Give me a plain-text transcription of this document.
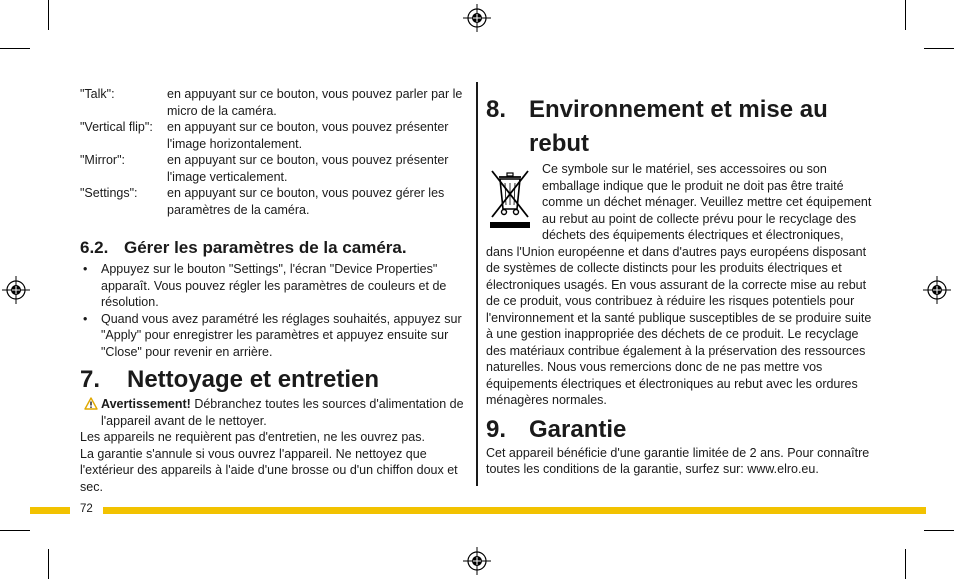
"Talk":	en appuyant sur ce bouton, vous pouvez parler par le micro de la caméra.
"Vertical flip":	en appuyant sur ce bouton, vous pouvez présenter l'image horizontalement.
"Mirror":	en appuyant sur ce bouton, vous pouvez présenter l'image verticalement.
"Settings":	en appuyant sur ce bouton, vous pouvez gérer les paramètres de la caméra.
6.2. Gérer les paramètres de la caméra.
• Appuyez sur le bouton "Settings", l'écran "Device Properties" apparaît. Vous pouvez régler les paramètres de couleurs et de résolution.
• Quand vous avez paramétré les réglages souhaités, appuyez sur "Apply" pour enregistrer les paramètres et appuyez ensuite sur "Close" pour revenir en arrière.
7. Nettoyage et entretien
Avertissement! Débranchez toutes les sources d'alimentation de l'appareil avant de le nettoyer.

Les appareils ne requièrent pas d'entretien, ne les ouvrez pas.

La garantie s'annule si vous ouvrez l'appareil. Ne nettoyez que l'extérieur des appareils à l'aide d'une brosse ou d'un chiffon doux et sec.

8. Environnement et mise au
rebut

Ce symbole sur le matériel, ses accessoires ou son emballage indique que le produit ne doit pas être traité comme un déchet ménager. Veuillez mettre cet équipement au rebut au point de collecte prévu pour le recyclage des déchets des équipements électriques et électroniques, dans l'Union européenne et dans d'autres pays européens disposant de systèmes de collecte distincts pour les produits électriques et électroniques usagés. En vous assurant de la correcte mise au rebut de ce produit, vous contribuez à réduire les risques potentiels pour l'environnement et la santé publique susceptibles de se produire suite à une gestion inappropriée des déchets de ce produit. Le recyclage des matériaux contribue également à la préservation des ressources naturelles. Nous vous remercions donc de ne pas mettre vos équipements électriques et électroniques au rebut avec les ordures ménagères normales.

9. Garantie

Cet appareil bénéficie d'une garantie limitée de 2 ans. Pour connaître toutes les conditions de la garantie, surfez sur: www.elro.eu.

72
